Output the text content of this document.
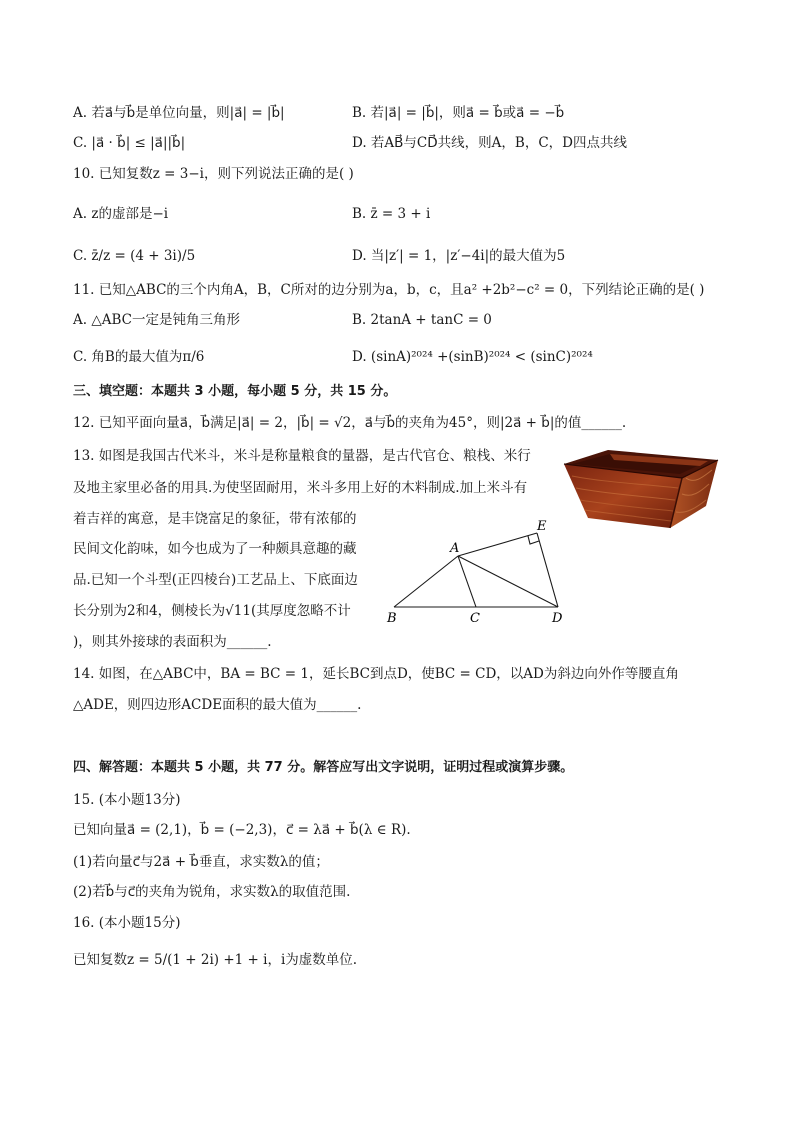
A. 若a⃗与b⃗是单位向量，则|a⃗| = |b⃗|	B. 若|a⃗| = |b⃗|，则a⃗ = b⃗或a⃗ = −b⃗
C. |a⃗ · b⃗| ≤ |a⃗||b⃗|	D. 若AB⃗与CD⃗共线，则A，B，C，D四点共线
10. 已知复数z = 3−i，则下列说法正确的是( )
A. z的虚部是−i	B. z̄ = 3 + i
C. z̄/z = (4 + 3i)/5	D. 当|z′| = 1，|z′−4i|的最大值为5
11. 已知△ABC的三个内角A，B，C所对的边分别为a，b，c，且a² +2b²−c² = 0，下列结论正确的是( )
A. △ABC一定是钝角三角形	B. 2tanA + tanC = 0
C. 角B的最大值为π/6	D. (sinA)²⁰²⁴ +(sinB)²⁰²⁴ < (sinC)²⁰²⁴
三、填空题：本题共 3 小题，每小题 5 分，共 15 分。
12. 已知平面向量a⃗，b⃗满足|a⃗| = 2，|b⃗| = √2，a⃗与b⃗的夹角为45°，则|2a⃗ + b⃗|的值______.
13. 如图是我国古代米斗，米斗是称量粮食的量器，是古代官仓、粮栈、米行
及地主家里必备的用具.为使坚固耐用，米斗多用上好的木料制成.加上米斗有
着吉祥的寓意，是丰饶富足的象征，带有浓郁的
民间文化韵味，如今也成为了一种颇具意趣的藏
品.已知一个斗型(正四棱台)工艺品上、下底面边
长分别为2和4，侧棱长为√11(其厚度忽略不计
)，则其外接球的表面积为______.
A
B	C	D
E
14. 如图，在△ABC中，BA = BC = 1，延长BC到点D，使BC = CD，以AD为斜边向外作等腰直角
△ADE，则四边形ACDE面积的最大值为______.
四、解答题：本题共 5 小题，共 77 分。解答应写出文字说明，证明过程或演算步骤。
15. (本小题13分)
已知向量a⃗ = (2,1)，b⃗ = (−2,3)，c⃗ = λa⃗ + b⃗(λ ∈ R).
(1)若向量c⃗与2a⃗ + b⃗垂直，求实数λ的值；
(2)若b⃗与c⃗的夹角为锐角，求实数λ的取值范围.
16. (本小题15分)
已知复数z = 5/(1 + 2i) +1 + i，i为虚数单位.
